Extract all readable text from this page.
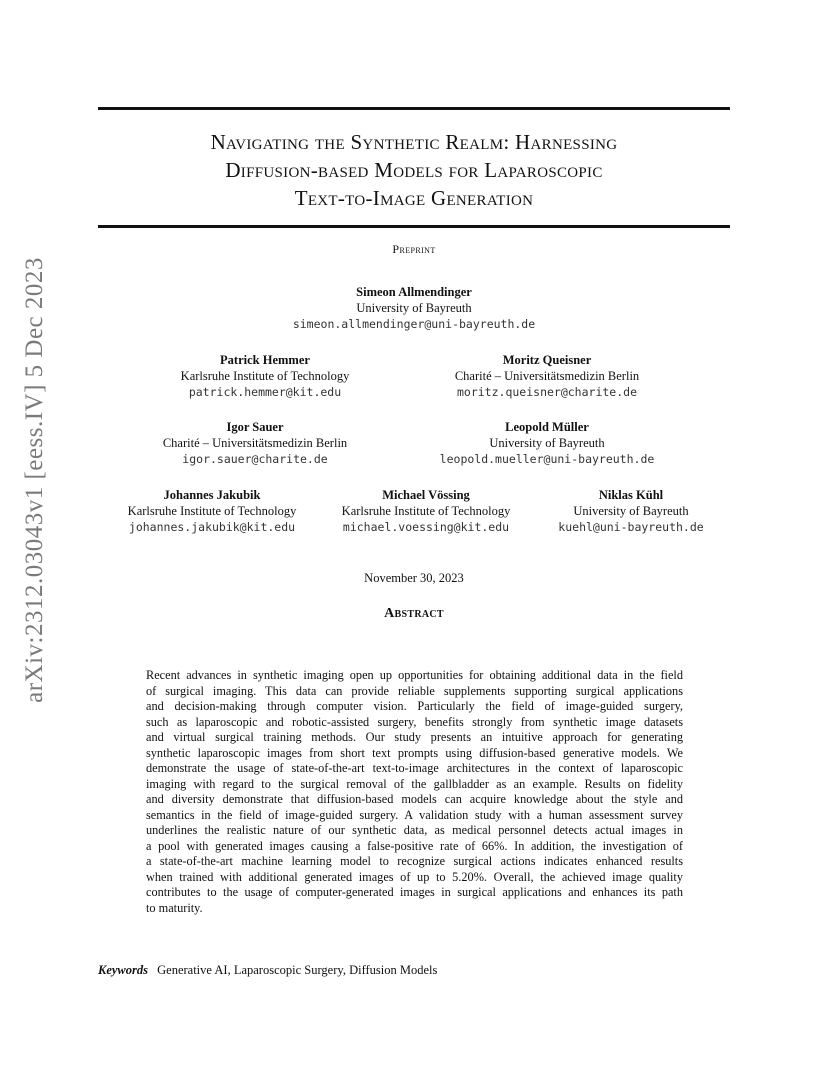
arXiv:2312.03043v1 [eess.IV] 5 Dec 2023
Navigating the Synthetic Realm: Harnessing
Diffusion-based Models for Laparoscopic
Text-to-Image Generation
Preprint
Simeon Allmendinger
University of Bayreuth
simeon.allmendinger@uni-bayreuth.de
Patrick Hemmer
Karlsruhe Institute of Technology
patrick.hemmer@kit.edu
Moritz Queisner
Charité – Universitätsmedizin Berlin
moritz.queisner@charite.de
Igor Sauer
Charité – Universitätsmedizin Berlin
igor.sauer@charite.de
Leopold Müller
University of Bayreuth
leopold.mueller@uni-bayreuth.de
Johannes Jakubik
Karlsruhe Institute of Technology
johannes.jakubik@kit.edu
Michael Vössing
Karlsruhe Institute of Technology
michael.voessing@kit.edu
Niklas Kühl
University of Bayreuth
kuehl@uni-bayreuth.de
November 30, 2023
Abstract
Recent advances in synthetic imaging open up opportunities for obtaining additional data in the field
of surgical imaging. This data can provide reliable supplements supporting surgical applications
and decision-making through computer vision. Particularly the field of image-guided surgery,
such as laparoscopic and robotic-assisted surgery, benefits strongly from synthetic image datasets
and virtual surgical training methods. Our study presents an intuitive approach for generating
synthetic laparoscopic images from short text prompts using diffusion-based generative models. We
demonstrate the usage of state-of-the-art text-to-image architectures in the context of laparoscopic
imaging with regard to the surgical removal of the gallbladder as an example. Results on fidelity
and diversity demonstrate that diffusion-based models can acquire knowledge about the style and
semantics in the field of image-guided surgery. A validation study with a human assessment survey
underlines the realistic nature of our synthetic data, as medical personnel detects actual images in
a pool with generated images causing a false-positive rate of 66%. In addition, the investigation of
a state-of-the-art machine learning model to recognize surgical actions indicates enhanced results
when trained with additional generated images of up to 5.20%. Overall, the achieved image quality
contributes to the usage of computer-generated images in surgical applications and enhances its path
to maturity.
Keywords Generative AI, Laparoscopic Surgery, Diffusion Models
